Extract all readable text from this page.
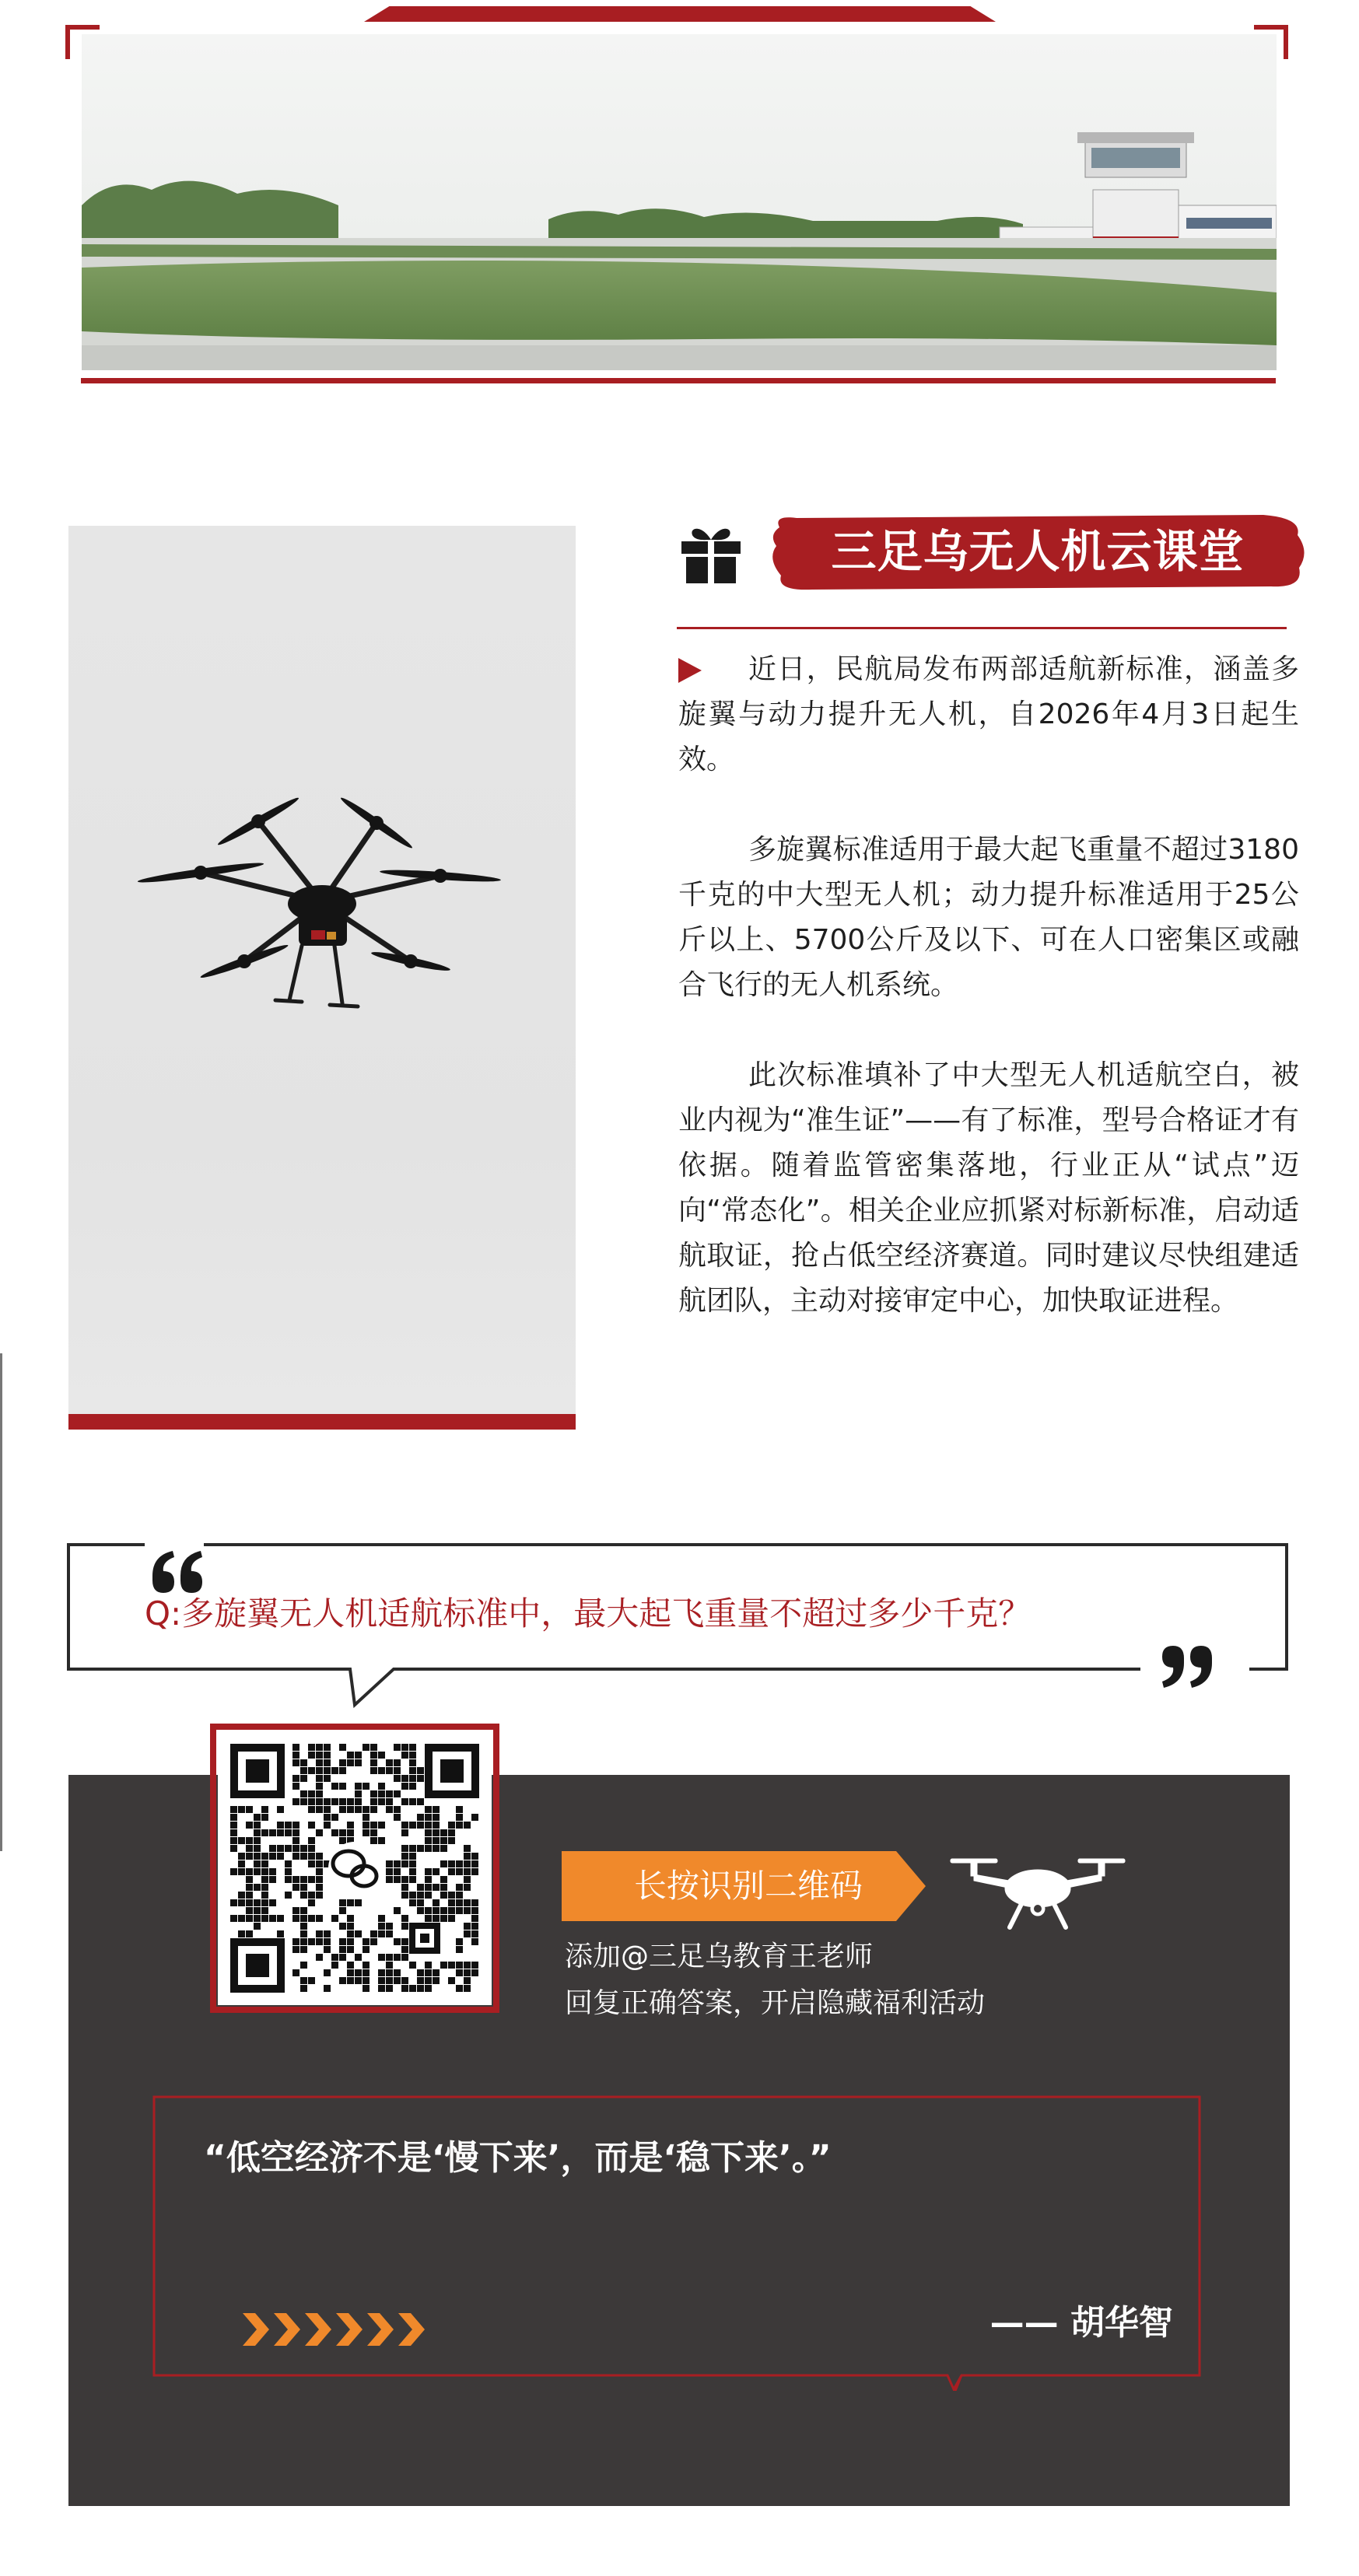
三足乌无人机云课堂

近日，民航局发布两部适航新标准，涵盖多旋翼与动力提升无人机，自2026年4月3日起生效。

多旋翼标准适用于最大起飞重量不超过3180千克的中大型无人机；动力提升标准适用于25公斤以上、5700公斤及以下、可在人口密集区或融合飞行的无人机系统。

此次标准填补了中大型无人机适航空白，被业内视为“准生证”——有了标准，型号合格证才有依据。随着监管密集落地，行业正从“试点”迈向“常态化”。相关企业应抓紧对标新标准，启动适航取证，抢占低空经济赛道。同时建议尽快组建适航团队，主动对接审定中心，加快取证进程。

Q:多旋翼无人机适航标准中，最大起飞重量不超过多少千克？
长按识别二维码
添加@三足乌教育王老师
回复正确答案，开启隐藏福利活动
“低空经济不是‘慢下来’，而是‘稳下来’。”
—— 胡华智
